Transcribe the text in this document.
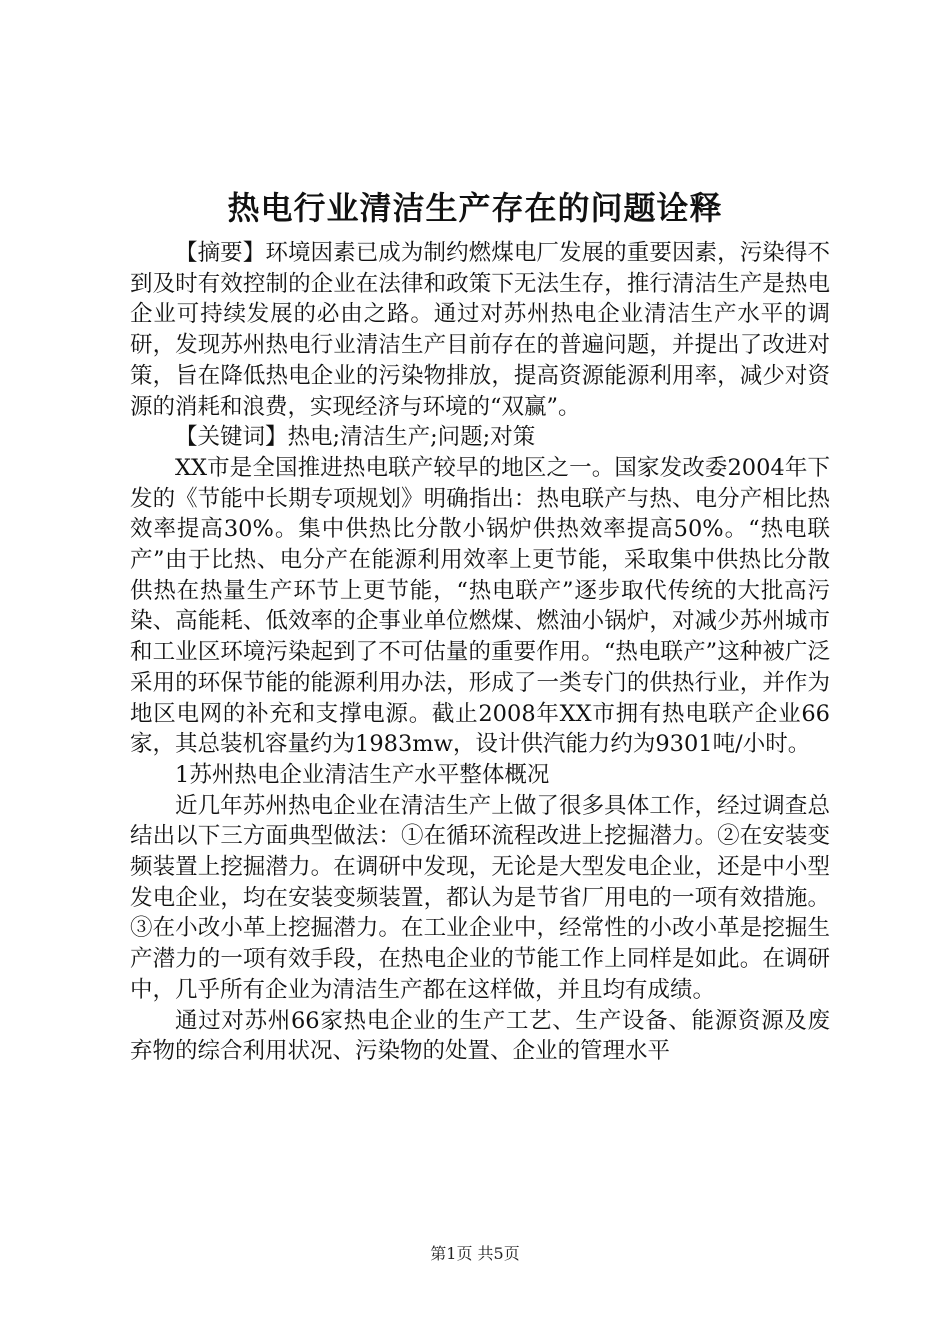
热电行业清洁生产存在的问题诠释

【摘要】环境因素已成为制约燃煤电厂发展的重要因素，污染得不到及时有效控制的企业在法律和政策下无法生存，推行清洁生产是热电企业可持续发展的必由之路。通过对苏州热电企业清洁生产水平的调研，发现苏州热电行业清洁生产目前存在的普遍问题，并提出了改进对策，旨在降低热电企业的污染物排放，提高资源能源利用率，减少对资源的消耗和浪费，实现经济与环境的“双赢”。

【关键词】热电;清洁生产;问题;对策

XX市是全国推进热电联产较早的地区之一。国家发改委2004年下发的《节能中长期专项规划》明确指出：热电联产与热、电分产相比热效率提高30%。集中供热比分散小锅炉供热效率提高50%。“热电联产”由于比热、电分产在能源利用效率上更节能，采取集中供热比分散供热在热量生产环节上更节能，“热电联产”逐步取代传统的大批高污染、高能耗、低效率的企事业单位燃煤、燃油小锅炉，对减少苏州城市和工业区环境污染起到了不可估量的重要作用。“热电联产”这种被广泛采用的环保节能的能源利用办法，形成了一类专门的供热行业，并作为地区电网的补充和支撑电源。截止2008年XX市拥有热电联产企业66家，其总装机容量约为1983mw，设计供汽能力约为9301吨/小时。

1苏州热电企业清洁生产水平整体概况

近几年苏州热电企业在清洁生产上做了很多具体工作，经过调查总结出以下三方面典型做法：①在循环流程改进上挖掘潜力。②在安装变频装置上挖掘潜力。在调研中发现，无论是大型发电企业，还是中小型发电企业，均在安装变频装置，都认为是节省厂用电的一项有效措施。③在小改小革上挖掘潜力。在工业企业中，经常性的小改小革是挖掘生产潜力的一项有效手段，在热电企业的节能工作上同样是如此。在调研中，几乎所有企业为清洁生产都在这样做，并且均有成绩。

通过对苏州66家热电企业的生产工艺、生产设备、能源资源及废弃物的综合利用状况、污染物的处置、企业的管理水平

第1页 共5页
